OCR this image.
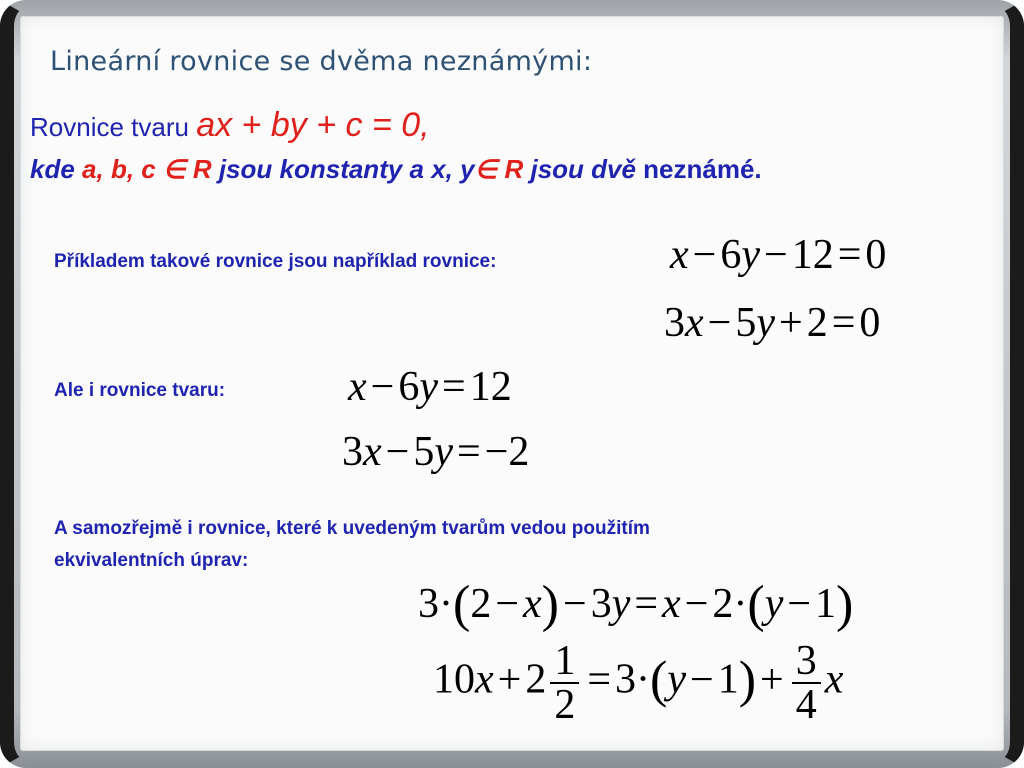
Lineární rovnice se dvěma neznámými:
Rovnice tvaru ax + by + c = 0,
kde a, b, c ∈ R jsou konstanty a x, y∈ R jsou dvě neznámé.
Příkladem takové rovnice jsou například rovnice:	x−6y−12=0
3x−5y+2=0
Ale i rovnice tvaru:	x−6y=12
3x−5y=−2
A samozřejmě i rovnice, které k uvedeným tvarům vedou použitím
ekvivalentních úprav:
3·(2−x)−3y=x−2·(y−1)
$10x+2 \frac{1}{2} =3\cdot(y-1)+ \frac{3}{4}$ x
